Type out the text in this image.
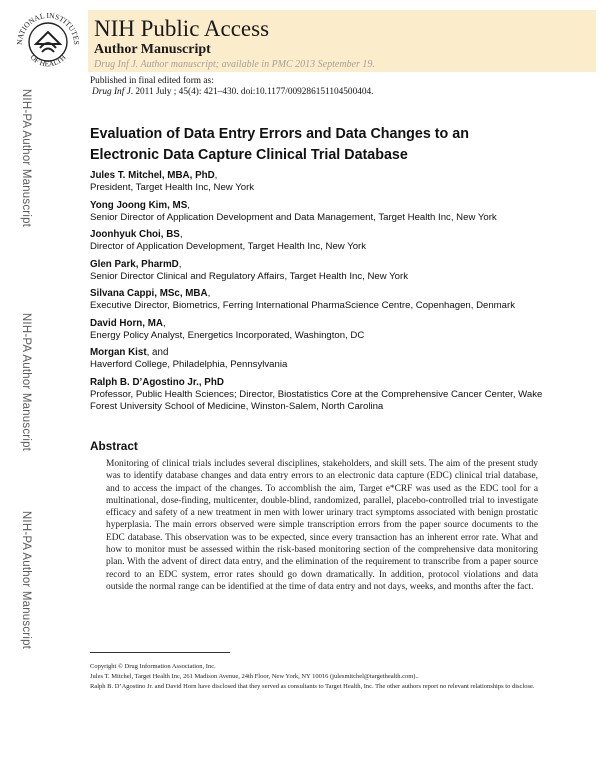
NATIONAL INSTITUTES
OF HEALTH
NIH Public Access
Author Manuscript
Drug Inf J. Author manuscript; available in PMC 2013 September 19.
NIH-PA Author Manuscript
NIH-PA Author Manuscript
NIH-PA Author Manuscript
Published in final edited form as:
Drug Inf J. 2011 July ; 45(4): 421–430. doi:10.1177/009286151104500404.
Evaluation of Data Entry Errors and Data Changes to an Electronic Data Capture Clinical Trial Database
Jules T. Mitchel, MBA, PhD,
President, Target Health Inc, New York
Yong Joong Kim, MS,
Senior Director of Application Development and Data Management, Target Health Inc, New York
Joonhyuk Choi, BS,
Director of Application Development, Target Health Inc, New York
Glen Park, PharmD,
Senior Director Clinical and Regulatory Affairs, Target Health Inc, New York
Silvana Cappi, MSc, MBA,
Executive Director, Biometrics, Ferring International PharmaScience Centre, Copenhagen, Denmark
David Horn, MA,
Energy Policy Analyst, Energetics Incorporated, Washington, DC
Morgan Kist, and
Haverford College, Philadelphia, Pennsylvania
Ralph B. D’Agostino Jr., PhD
Professor, Public Health Sciences; Director, Biostatistics Core at the Comprehensive Cancer Center, Wake Forest University School of Medicine, Winston-Salem, North Carolina
Abstract
Monitoring of clinical trials includes several disciplines, stakeholders, and skill sets. The aim of the present study was to identify database changes and data entry errors to an electronic data capture (EDC) clinical trial database, and to access the impact of the changes. To accomblish the aim, Target e*CRF was used as the EDC tool for a multinational, dose-finding, multicenter, double-blind, randomized, parallel, placebo-controlled trial to investigate efficacy and safety of a new treatment in men with lower urinary tract symptoms associated with benign prostatic hyperplasia. The main errors observed were simple transcription errors from the paper source documents to the EDC database. This observation was to be expected, since every transaction has an inherent error rate. What and how to monitor must be assessed within the risk-based monitoring section of the comprehensive data monitoring plan. With the advent of direct data entry, and the elimination of the requirement to transcribe from a paper source record to an EDC system, error rates should go down dramatically. In addition, protocol violations and data outside the normal range can be identified at the time of data entry and not days, weeks, and months after the fact.

Copyright © Drug Information Association, Inc.

Jules T. Mitchel, Target Health Inc, 261 Madison Avenue, 24th Floor, New York, NY 10016 (julesmitchel@targethealth.com)..

Ralph B. D’Agostino Jr. and David Horn have disclosed that they served as consultants to Target Health, Inc. The other authors report no relevant relationships to disclose.
